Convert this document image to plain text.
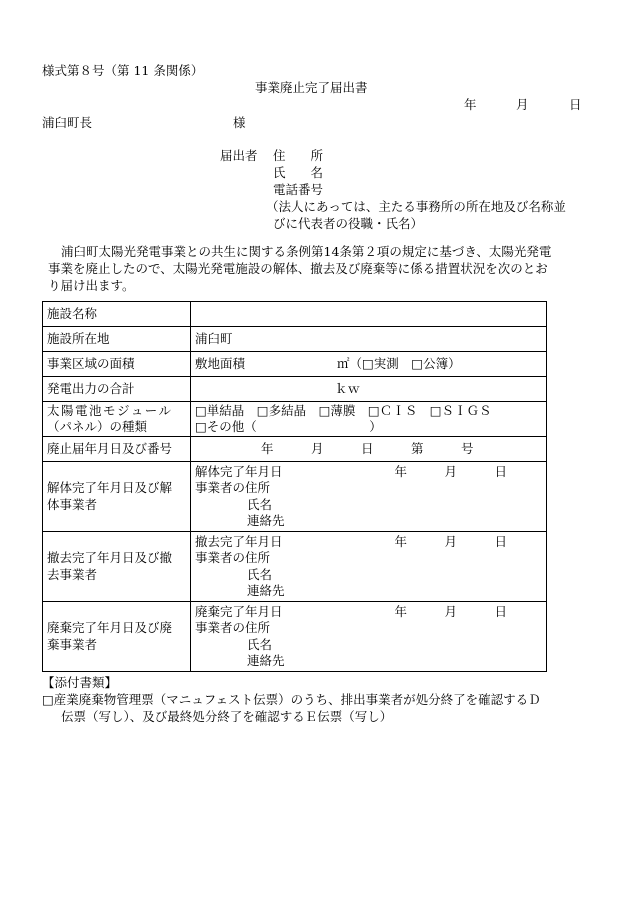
様式第８号（第 11 条関係）
事業廃止完了届出書
年	月	日
浦臼町長	様
届出者 住　　所
氏　　名
電話番号
（法人にあっては、主たる事務所の所在地及び名称並
びに代表者の役職・氏名）
浦臼町太陽光発電事業との共生に関する条例第14条第２項の規定に基づき、太陽光発電
事業を廃止したので、太陽光発電施設の解体、撤去及び廃棄等に係る措置状況を次のとお
り届け出ます。
施設名称	
施設所在地	浦臼町
事業区域の面積	敷地面積 ㎡（□実測　□公簿）
発電出力の合計	ｋｗ

太陽電池モジュール
（パネル）の種類	□単結晶　□多結晶　□薄膜　□ＣＩＳ　□ＳＩＧＳ
□その他（　　　　　　　　　）

廃止届年月日及び番号	年　　　月　　　日　　　第　　　号

解体完了年月日及び解
体事業者	解体完了年月日 年　　　月　　　日
事業者の住所
氏名
連絡先

撤去完了年月日及び撤
去事業者	撤去完了年月日 年　　　月　　　日
事業者の住所
氏名
連絡先

廃棄完了年月日及び廃
棄事業者	廃棄完了年月日 年　　　月　　　日
事業者の住所
氏名
連絡先
【添付書類】
□産業廃棄物管理票（マニュフェスト伝票）のうち、排出事業者が処分終了を確認するＤ
伝票（写し）、及び最終処分終了を確認するＥ伝票（写し）
